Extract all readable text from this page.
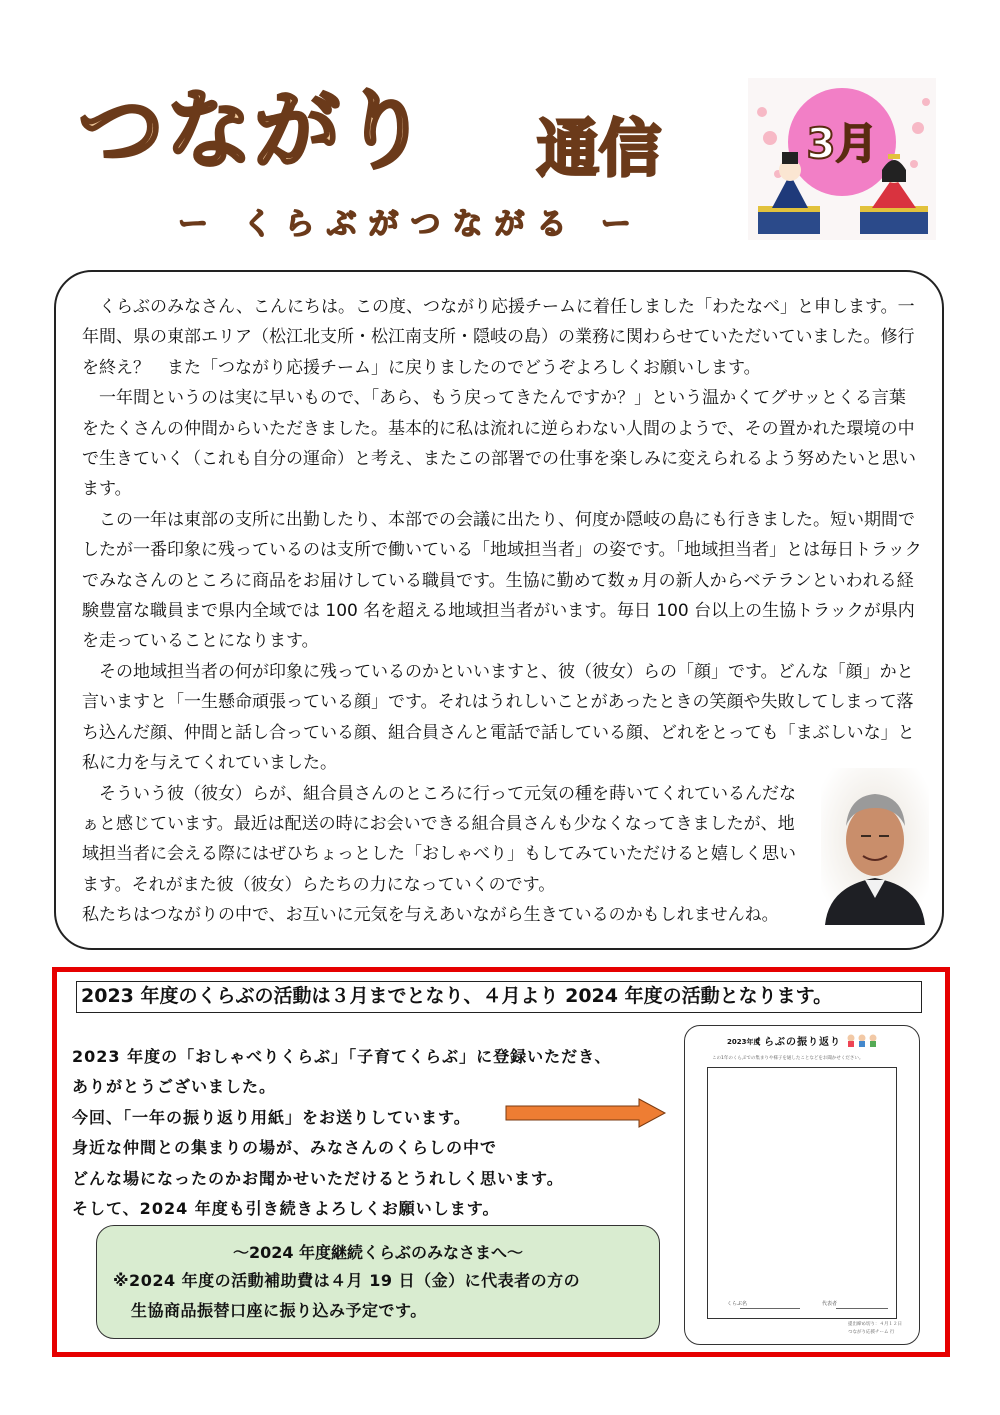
つながり 通信
ー くらぶがつながる ー
3月

くらぶのみなさん、こんにちは。この度、つながり応援チームに着任しました「わたなべ」と申します。一年間、県の東部エリア（松江北支所・松江南支所・隠岐の島）の業務に関わらせていただいていました。修行を終え？　また「つながり応援チーム」に戻りましたのでどうぞよろしくお願いします。

一年間というのは実に早いもので、「あら、もう戻ってきたんですか？」という温かくてグサッとくる言葉をたくさんの仲間からいただきました。基本的に私は流れに逆らわない人間のようで、その置かれた環境の中で生きていく（これも自分の運命）と考え、またこの部署での仕事を楽しみに変えられるよう努めたいと思います。

この一年は東部の支所に出勤したり、本部での会議に出たり、何度か隠岐の島にも行きました。短い期間でしたが一番印象に残っているのは支所で働いている「地域担当者」の姿です。「地域担当者」とは毎日トラックでみなさんのところに商品をお届けしている職員です。生協に勤めて数ヵ月の新人からベテランといわれる経験豊富な職員まで県内全域では 100 名を超える地域担当者がいます。毎日 100 台以上の生協トラックが県内を走っていることになります。

その地域担当者の何が印象に残っているのかといいますと、彼（彼女）らの「顔」です。どんな「顔」かと言いますと「一生懸命頑張っている顔」です。それはうれしいことがあったときの笑顔や失敗してしまって落ち込んだ顔、仲間と話し合っている顔、組合員さんと電話で話している顔、どれをとっても「まぶしいな」と私に力を与えてくれていました。

そういう彼（彼女）らが、組合員さんのところに行って元気の種を蒔いてくれているんだなぁと感じています。最近は配送の時にお会いできる組合員さんも少なくなってきましたが、地域担当者に会える際にはぜひちょっとした「おしゃべり」もしてみていただけると嬉しく思います。それがまた彼（彼女）らたちの力になっていくのです。

私たちはつながりの中で、お互いに元気を与えあいながら生きているのかもしれませんね。

2023 年度のくらぶの活動は３月までとなり、４月より 2024 年度の活動となります。
2023 年度の「おしゃべりくらぶ」「子育てくらぶ」に登録いただき、
ありがとうございました。
今回、「一年の振り返り用紙」をお送りしています。
身近な仲間との集まりの場が、みなさんのくらしの中で
どんな場になったのかお聞かせいただけるとうれしく思います。
そして、2024 年度も引き続きよろしくお願いします。
～2024 年度継続くらぶのみなさまへ～
※2024 年度の活動補助費は４月 19 日（金）に代表者の方の
生協商品振替口座に振り込み予定です。
2023年度
くらぶの振り返り
この1年のくらぶでの集まりや様子を通したことなどをお聞かせください。
くらぶ名	代表者
提出締め切り：４月１２日
つながり応援チーム 行
